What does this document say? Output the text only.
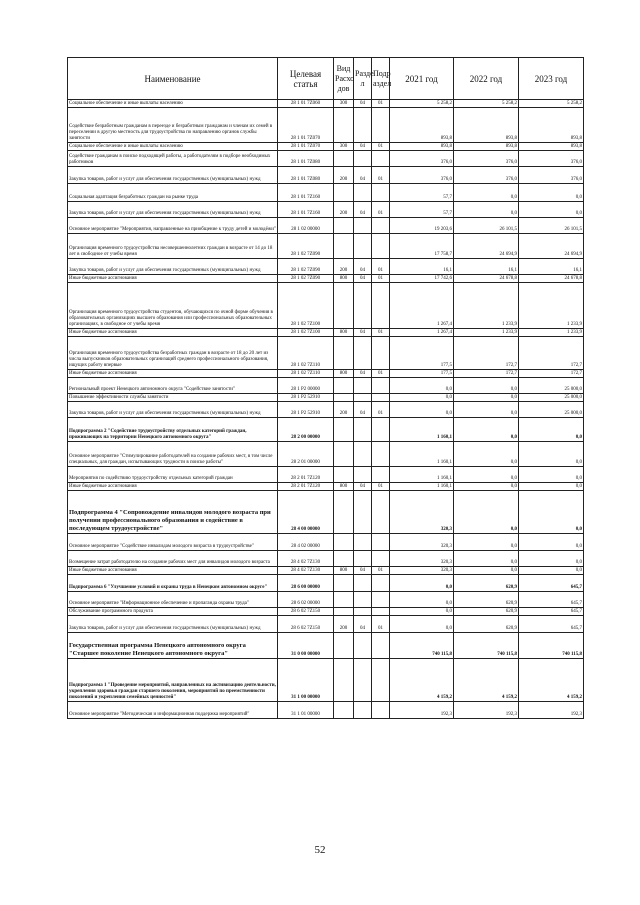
Наименование	Целевая статья	Вид Расхо дов	Разде л	Подр аздел	2021 год	2022 год	2023 год
Социальное обеспечение и иные выплаты населению	28 1 01 7Z060	300	04	01	5 258,2	5 258,2	5 258,2
Содействие безработным гражданам в переезде и безработным гражданам и членам их семей в переселении в другую местность для трудоустройства по направлению органов службы занятости	28 1 01 7Z070				893,8	893,8	893,8
Социальное обеспечение и иные выплаты населению	28 1 01 7Z070	300	04	01	893,8	893,8	893,8
Содействие гражданам в поиске подходящей работы, а работодателям в подборе необходимых работников	28 1 01 7Z080				376,0	376,0	376,0
Закупка товаров, работ и услуг для обеспечения государственных (муниципальных) нужд	28 1 01 7Z080	200	04	01	376,0	376,0	376,0
Социальная адаптация безработных граждан на рынке труда	28 1 01 7Z160				57,7	0,0	0,0
Закупка товаров, работ и услуг для обеспечения государственных (муниципальных) нужд	28 1 01 7Z160	200	04	01	57,7	0,0	0,0
Основное мероприятие "Мероприятия, направленные на приобщение к труду детей и молодёжи"	28 1 02 00000				19 203,6	26 101,5	26 101,5
Организация временного трудоустройства несовершеннолетних граждан в возрасте от 14 до 18 лет в свободное от учебы время	28 1 02 7Z090				17 758,7	24 694,9	24 694,9
Закупка товаров, работ и услуг для обеспечения государственных (муниципальных) нужд	28 1 02 7Z090	200	04	01	16,1	16,1	16,1
Иные бюджетные ассигнования	28 1 02 7Z090	800	04	01	17 742,6	24 678,8	24 678,8
Организация временного трудоустройства студентов, обучающихся по очной форме обучения в образовательных организациях высшего образования или профессиональных образовательных организациях, в свободное от учебы время	28 1 02 7Z100				1 267,4	1 233,9	1 233,9
Иные бюджетные ассигнования	28 1 02 7Z100	800	04	01	1 267,4	1 233,9	1 233,9
Организация временного трудоустройства безработных граждан в возрасте от 18 до 20 лет из числа выпускников образовательных организаций среднего профессионального образования, ищущих работу впервые	28 1 02 7Z110				177,5	172,7	172,7
Иные бюджетные ассигнования	28 1 02 7Z110	800	04	01	177,5	172,7	172,7
Региональный проект Ненецкого автономного округа "Содействие занятости"	28 1 P2 00000				0,0	0,0	25 000,0
Повышение эффективности службы занятости	28 1 P2 52910				0,0	0,0	25 000,0
Закупка товаров, работ и услуг для обеспечения государственных (муниципальных) нужд	28 1 P2 52910	200	04	01	0,0	0,0	25 000,0
Подпрограмма 2 "Содействие трудоустройству отдельных категорий граждан, проживающих на территории Ненецкого автономного округа"	28 2 00 00000				1 160,1	0,0	0,0
Основное мероприятие "Стимулирование работодателей на создание рабочих мест, в том числе специальных, для граждан, испытывающих трудности в поиске работы"	28 2 01 00000				1 160,1	0,0	0,0
Мероприятия по содействию трудоустройству отдельных категорий граждан	28 2 01 7Z120				1 160,1	0,0	0,0
Иные бюджетные ассигнования	28 2 01 7Z120	800	04	01	1 160,1	0,0	0,0
Подпрограмма 4 "Сопровождение инвалидов молодого возраста при получении профессионального образования и содействие в последующем трудоустройстве"	28 4 00 00000				320,3	0,0	0,0
Основное мероприятие "Содействие инвалидам молодого возраста в трудоустройстве"	28 4 02 00000				320,3	0,0	0,0
Возмещение затрат работодателю на создание рабочих мест для инвалидов молодого возраста	28 4 02 7Z130				320,3	0,0	0,0
Иные бюджетные ассигнования	28 4 02 7Z130	800	04	01	320,3	0,0	0,0
Подпрограмма 6 "Улучшение условий и охраны труда в Ненецком автономном округе"	28 6 00 00000				0,0	620,9	645,7
Основное мероприятие "Информационное обеспечение и пропаганда охраны труда"	28 6 02 00000				0,0	620,9	645,7
Обслуживание программного продукта	28 6 02 7Z150				0,0	620,9	645,7
Закупка товаров, работ и услуг для обеспечения государственных (муниципальных) нужд	28 6 02 7Z150	200	04	01	0,0	620,9	645,7
Государственная программа Ненецкого автономного округа "Старшее поколение Ненецкого автономного округа"	31 0 00 00000				740 115,8	740 115,8	740 115,8
Подпрограмма 1 "Проведение мероприятий, направленных на активизацию деятельности, укрепления здоровья граждан старшего поколения, мероприятий по преемственности поколений и укрепления семейных ценностей"	31 1 00 00000				4 159,2	4 159,2	4 159,2
Основное мероприятие "Методическая и информационная поддержка мероприятий"	31 1 01 00000				192,3	192,3	192,3
52
